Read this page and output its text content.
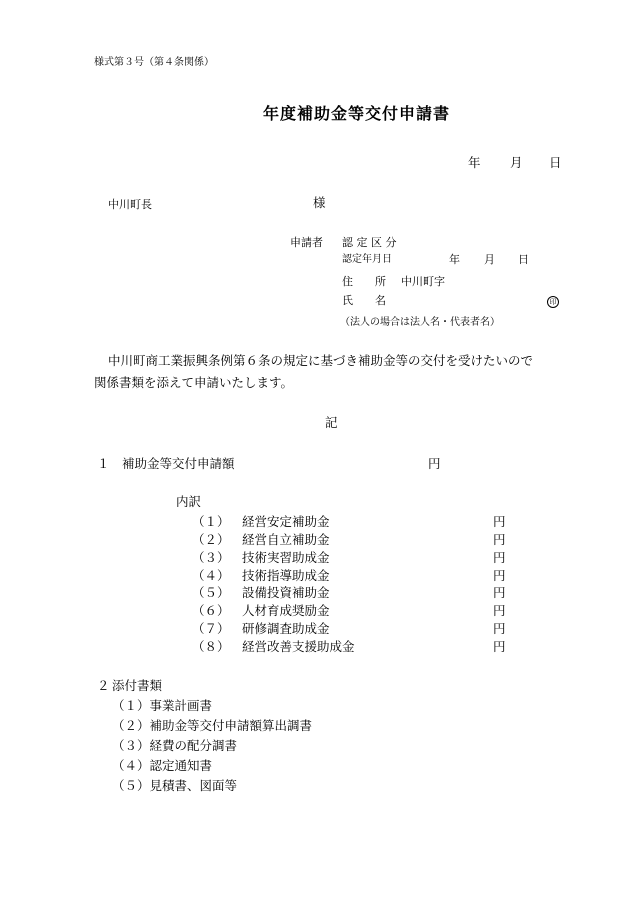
様式第３号（第４条関係）
年度補助金等交付申請書
年 月 日
中川町長	様
申請者 認 定 区 分
認定年月日	年 月 日
住 所 中川町字
氏 名	印
（法人の場合は法人名・代表者名）
中川町商工業振興条例第６条の規定に基づき補助金等の交付を受けたいので
関係書類を添えて申請いたします。
記
１ 補助金等交付申請額	円
内訳
（１） 経営安定補助金	円
（２） 経営自立補助金	円
（３） 技術実習助成金	円
（４） 技術指導助成金	円
（５） 設備投資補助金	円
（６） 人材育成奨励金	円
（７） 研修調査助成金	円
（８） 経営改善支援助成金	円
２ 添付書類
（１）事業計画書
（２）補助金等交付申請額算出調書
（３）経費の配分調書
（４）認定通知書
（５）見積書、図面等
